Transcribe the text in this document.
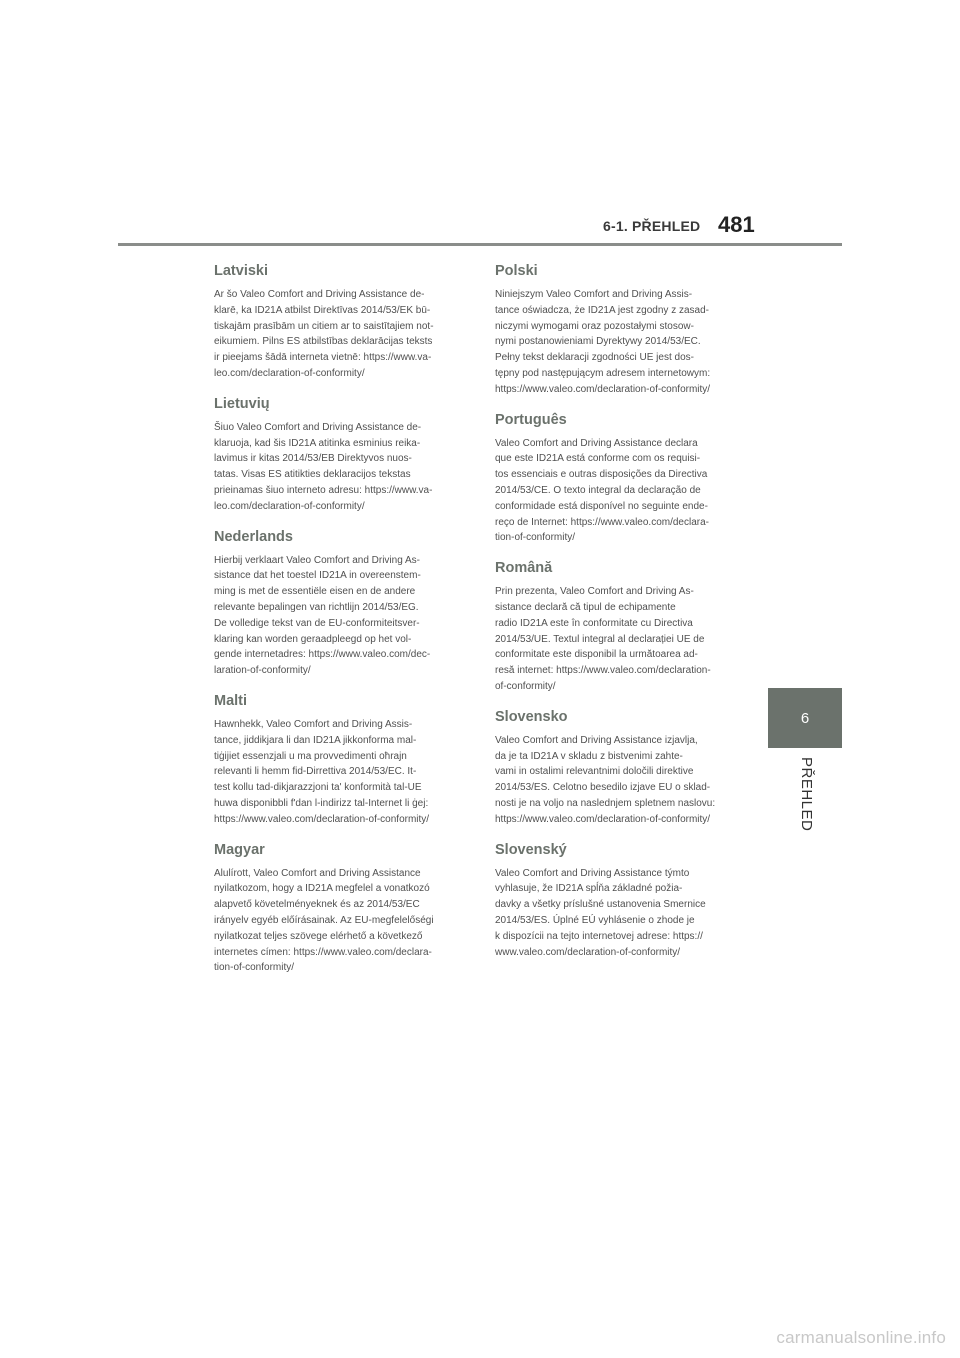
6-1. PŘEHLED 481
6
PŘEHLED
Latviski

Ar šo Valeo Comfort and Driving Assistance de-
klarē, ka ID21A atbilst Direktīvas 2014/53/EK bū-
tiskajām prasībām un citiem ar to saistītajiem not-
eikumiem. Pilns ES atbilstības deklarācijas teksts
ir pieejams šādā interneta vietnē: https://www.va-
leo.com/declaration-of-conformity/

Lietuvių

Šiuo Valeo Comfort and Driving Assistance de-
klaruoja, kad šis ID21A atitinka esminius reika-
lavimus ir kitas 2014/53/EB Direktyvos nuos-
tatas. Visas ES atitikties deklaracijos tekstas
prieinamas šiuo interneto adresu: https://www.va-
leo.com/declaration-of-conformity/

Nederlands

Hierbij verklaart Valeo Comfort and Driving As-
sistance dat het toestel ID21A in overeenstem-
ming is met de essentiële eisen en de andere
relevante bepalingen van richtlijn 2014/53/EG.
De volledige tekst van de EU-conformiteitsver-
klaring kan worden geraadpleegd op het vol-
gende internetadres: https://www.valeo.com/dec-
laration-of-conformity/

Malti

Hawnhekk, Valeo Comfort and Driving Assis-
tance, jiddikjara li dan ID21A jikkonforma mal-
tiġijiet essenzjali u ma provvedimenti oħrajn
relevanti li hemm fid-Dirrettiva 2014/53/EC. It-
test kollu tad-dikjarazzjoni ta' konformità tal-UE
huwa disponibbli f'dan l-indirizz tal-Internet li ġej:
https://www.valeo.com/declaration-of-conformity/

Magyar

Alulírott, Valeo Comfort and Driving Assistance
nyilatkozom, hogy a ID21A megfelel a vonatkozó
alapvető követelményeknek és az 2014/53/EC
irányelv egyéb előírásainak. Az EU-megfelelőségi
nyilatkozat teljes szövege elérhető a következő
internetes címen: https://www.valeo.com/declara-
tion-of-conformity/

Polski

Niniejszym Valeo Comfort and Driving Assis-
tance oświadcza, że ID21A jest zgodny z zasad-
niczymi wymogami oraz pozostałymi stosow-
nymi postanowieniami Dyrektywy 2014/53/EC.
Pełny tekst deklaracji zgodności UE jest dos-
tępny pod następującym adresem internetowym:
https://www.valeo.com/declaration-of-conformity/

Português

Valeo Comfort and Driving Assistance declara
que este ID21A está conforme com os requisi-
tos essenciais e outras disposições da Directiva
2014/53/CE. O texto integral da declaração de
conformidade está disponível no seguinte ende-
reço de Internet: https://www.valeo.com/declara-
tion-of-conformity/

Română

Prin prezenta, Valeo Comfort and Driving As-
sistance declară că tipul de echipamente
radio ID21A este în conformitate cu Directiva
2014/53/UE. Textul integral al declarației UE de
conformitate este disponibil la următoarea ad-
resă internet: https://www.valeo.com/declaration-
of-conformity/

Slovensko

Valeo Comfort and Driving Assistance izjavlja,
da je ta ID21A v skladu z bistvenimi zahte-
vami in ostalimi relevantnimi določili direktive
2014/53/ES. Celotno besedilo izjave EU o sklad-
nosti je na voljo na naslednjem spletnem naslovu:
https://www.valeo.com/declaration-of-conformity/

Slovenský

Valeo Comfort and Driving Assistance týmto
vyhlasuje, že ID21A spĺňa základné požia-
davky a všetky príslušné ustanovenia Smernice
2014/53/ES. Úplné EÚ vyhlásenie o zhode je
k dispozícii na tejto internetovej adrese: https://
www.valeo.com/declaration-of-conformity/

carmanualsonline.info
